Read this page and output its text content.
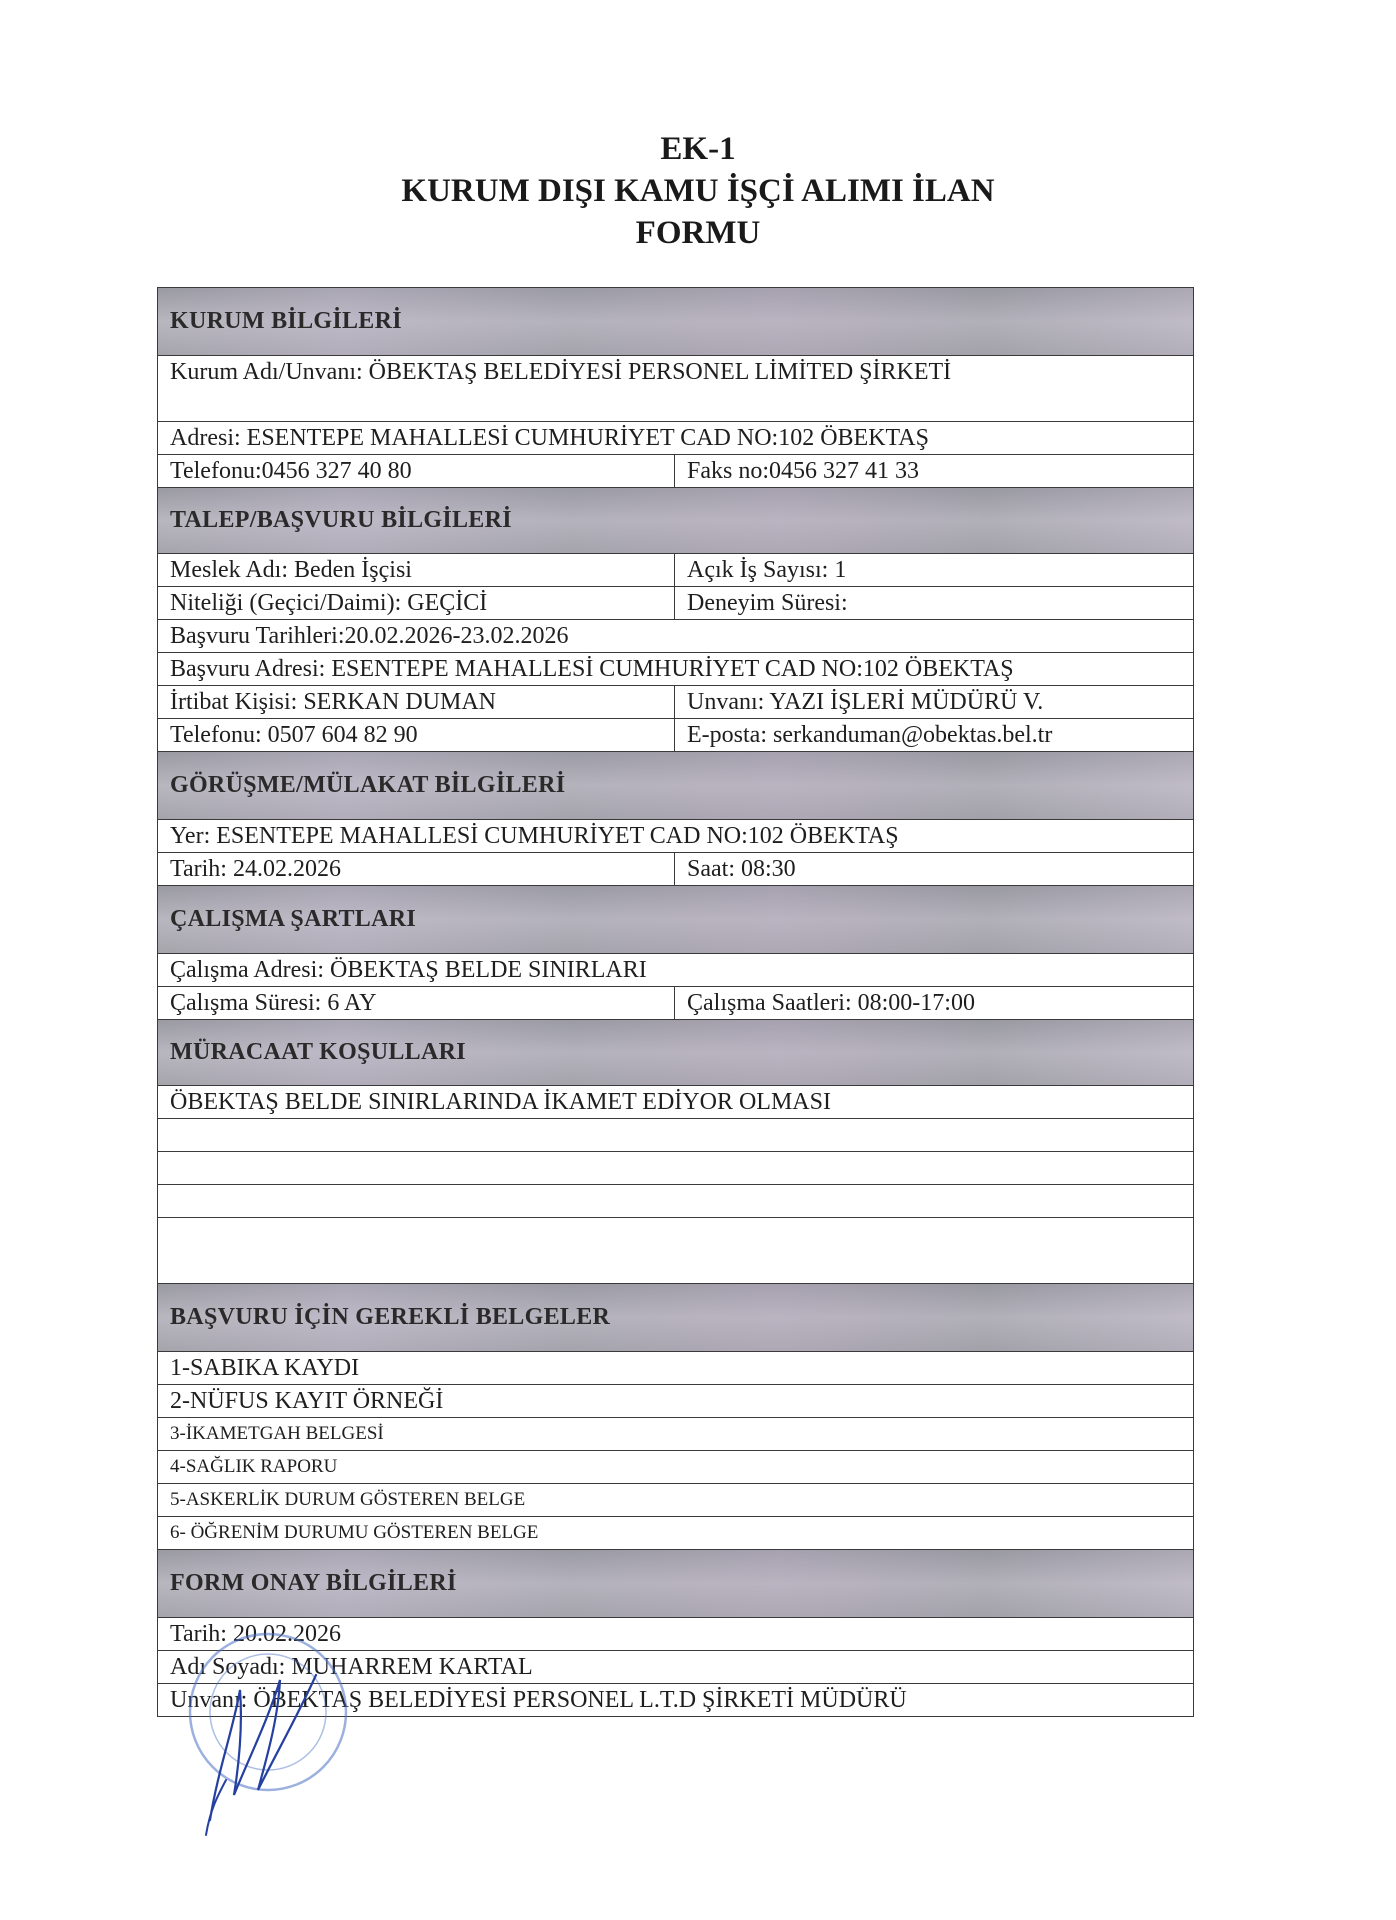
EK-1
KURUM DIŞI KAMU İŞÇİ ALIMI İLAN
FORMU
KURUM BİLGİLERİ
Kurum Adı/Unvanı: ÖBEKTAŞ BELEDİYESİ PERSONEL LİMİTED ŞİRKETİ
Adresi: ESENTEPE MAHALLESİ CUMHURİYET CAD NO:102 ÖBEKTAŞ
Telefonu:0456 327 40 80	Faks no:0456 327 41 33
TALEP/BAŞVURU BİLGİLERİ
Meslek Adı: Beden İşçisi	Açık İş Sayısı: 1
Niteliği (Geçici/Daimi): GEÇİCİ	Deneyim Süresi:
Başvuru Tarihleri:20.02.2026-23.02.2026
Başvuru Adresi: ESENTEPE MAHALLESİ CUMHURİYET CAD NO:102 ÖBEKTAŞ
İrtibat Kişisi: SERKAN DUMAN	Unvanı: YAZI İŞLERİ MÜDÜRÜ V.
Telefonu: 0507 604 82 90	E-posta: serkanduman@obektas.bel.tr
GÖRÜŞME/MÜLAKAT BİLGİLERİ
Yer: ESENTEPE MAHALLESİ CUMHURİYET CAD NO:102 ÖBEKTAŞ
Tarih: 24.02.2026	Saat: 08:30
ÇALIŞMA ŞARTLARI
Çalışma Adresi: ÖBEKTAŞ BELDE SINIRLARI
Çalışma Süresi: 6 AY	Çalışma Saatleri: 08:00-17:00
MÜRACAAT KOŞULLARI
ÖBEKTAŞ BELDE SINIRLARINDA İKAMET EDİYOR OLMASI
BAŞVURU İÇİN GEREKLİ BELGELER
1-SABIKA KAYDI
2-NÜFUS KAYIT ÖRNEĞİ
3-İKAMETGAH BELGESİ
4-SAĞLIK RAPORU
5-ASKERLİK DURUM GÖSTEREN BELGE
6- ÖĞRENİM DURUMU GÖSTEREN BELGE
FORM ONAY BİLGİLERİ
Tarih: 20.02.2026
Adı Soyadı: MUHARREM KARTAL
Unvanı: ÖBEKTAŞ BELEDİYESİ PERSONEL L.T.D ŞİRKETİ MÜDÜRÜ
